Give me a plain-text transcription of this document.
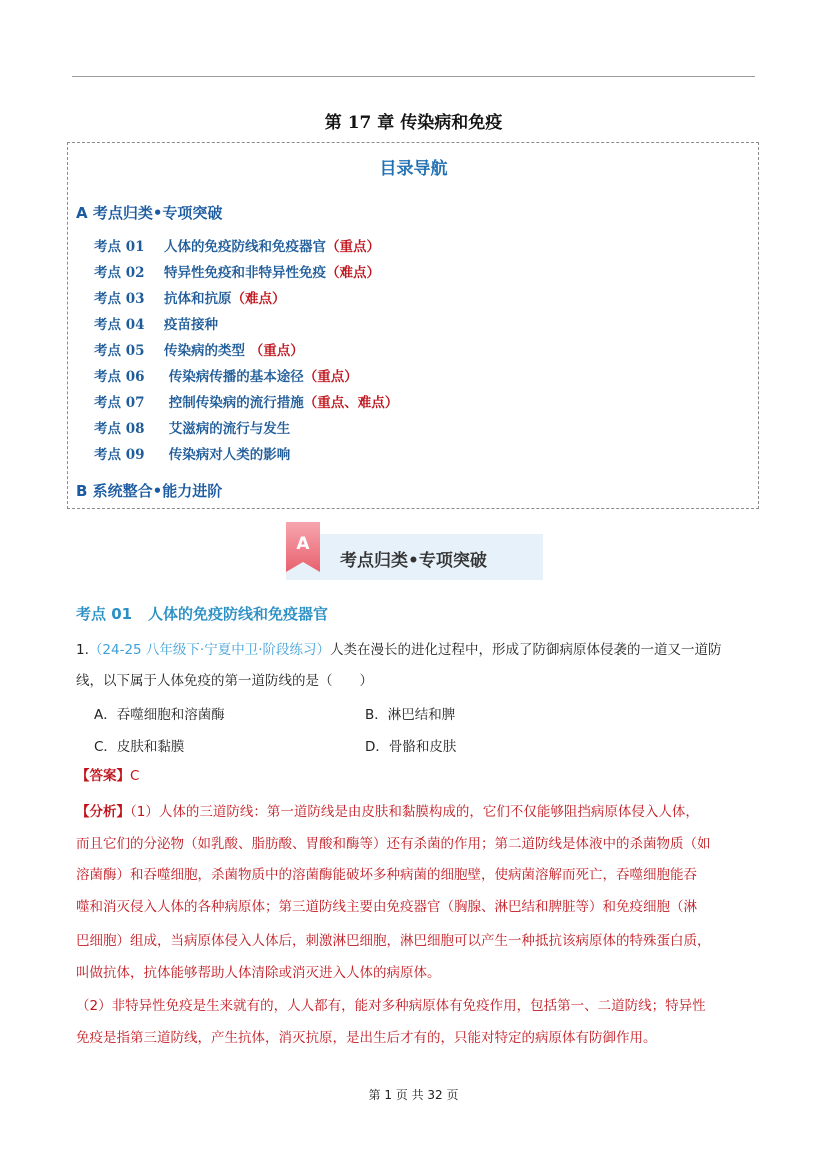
第 17 章 传染病和免疫
目录导航
A 考点归类•专项突破
考点 01 人体的免疫防线和免疫器官（重点）
考点 02 特异性免疫和非特异性免疫（难点）
考点 03 抗体和抗原（难点）
考点 04 疫苗接种
考点 05 传染病的类型 （重点）
考点 06 传染病传播的基本途径（重点）
考点 07 控制传染病的流行措施（重点、难点）
考点 08 艾滋病的流行与发生
考点 09 传染病对人类的影响
B 系统整合•能力进阶
A
考点归类•专项突破
考点 01 人体的免疫防线和免疫器官
1.（24-25 八年级下·宁夏中卫·阶段练习）人类在漫长的进化过程中，形成了防御病原体侵袭的一道又一道防
线，以下属于人体免疫的第一道防线的是（　　）
A．吞噬细胞和溶菌酶	B．淋巴结和脾
C．皮肤和黏膜	D．骨骼和皮肤
【答案】C
【分析】（1）人体的三道防线：第一道防线是由皮肤和黏膜构成的，它们不仅能够阻挡病原体侵入人体，
而且它们的分泌物（如乳酸、脂肪酸、胃酸和酶等）还有杀菌的作用；第二道防线是体液中的杀菌物质（如
溶菌酶）和吞噬细胞，杀菌物质中的溶菌酶能破坏多种病菌的细胞壁，使病菌溶解而死亡，吞噬细胞能吞
噬和消灭侵入人体的各种病原体；第三道防线主要由免疫器官（胸腺、淋巴结和脾脏等）和免疫细胞（淋
巴细胞）组成，当病原体侵入人体后，刺激淋巴细胞，淋巴细胞可以产生一种抵抗该病原体的特殊蛋白质，
叫做抗体，抗体能够帮助人体清除或消灭进入人体的病原体。
（2）非特异性免疫是生来就有的，人人都有，能对多种病原体有免疫作用，包括第一、二道防线；特异性
免疫是指第三道防线，产生抗体，消灭抗原，是出生后才有的，只能对特定的病原体有防御作用。
第 1 页 共 32 页
